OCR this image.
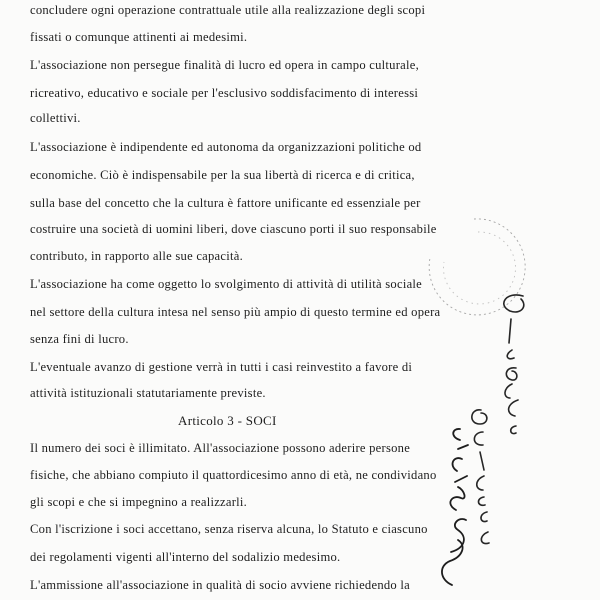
concludere ogni operazione contrattuale utile alla realizzazione degli scopi
fissati o comunque attinenti ai medesimi.
L'associazione non persegue finalità di lucro ed opera in campo culturale,
ricreativo, educativo e sociale per l'esclusivo soddisfacimento di interessi
collettivi.
L'associazione è indipendente ed autonoma da organizzazioni politiche od
economiche. Ciò è indispensabile per la sua libertà di ricerca e di critica,
sulla base del concetto che la cultura è fattore unificante ed essenziale per
costruire una società di uomini liberi, dove ciascuno porti il suo responsabile
contributo, in rapporto alle sue capacità.
L'associazione ha come oggetto lo svolgimento di attività di utilità sociale
nel settore della cultura intesa nel senso più ampio di questo termine ed opera
senza fini di lucro.
L'eventuale avanzo di gestione verrà in tutti i casi reinvestito a favore di
attività istituzionali statutariamente previste.
Articolo 3 - SOCI
Il numero dei soci è illimitato. All'associazione possono aderire persone
fisiche, che abbiano compiuto il quattordicesimo anno di età, ne condividano
gli scopi e che si impegnino a realizzarli.
Con l'iscrizione i soci accettano, senza riserva alcuna, lo Statuto e ciascuno
dei regolamenti vigenti all'interno del sodalizio medesimo.
L'ammissione all'associazione in qualità di socio avviene richiedendo la
